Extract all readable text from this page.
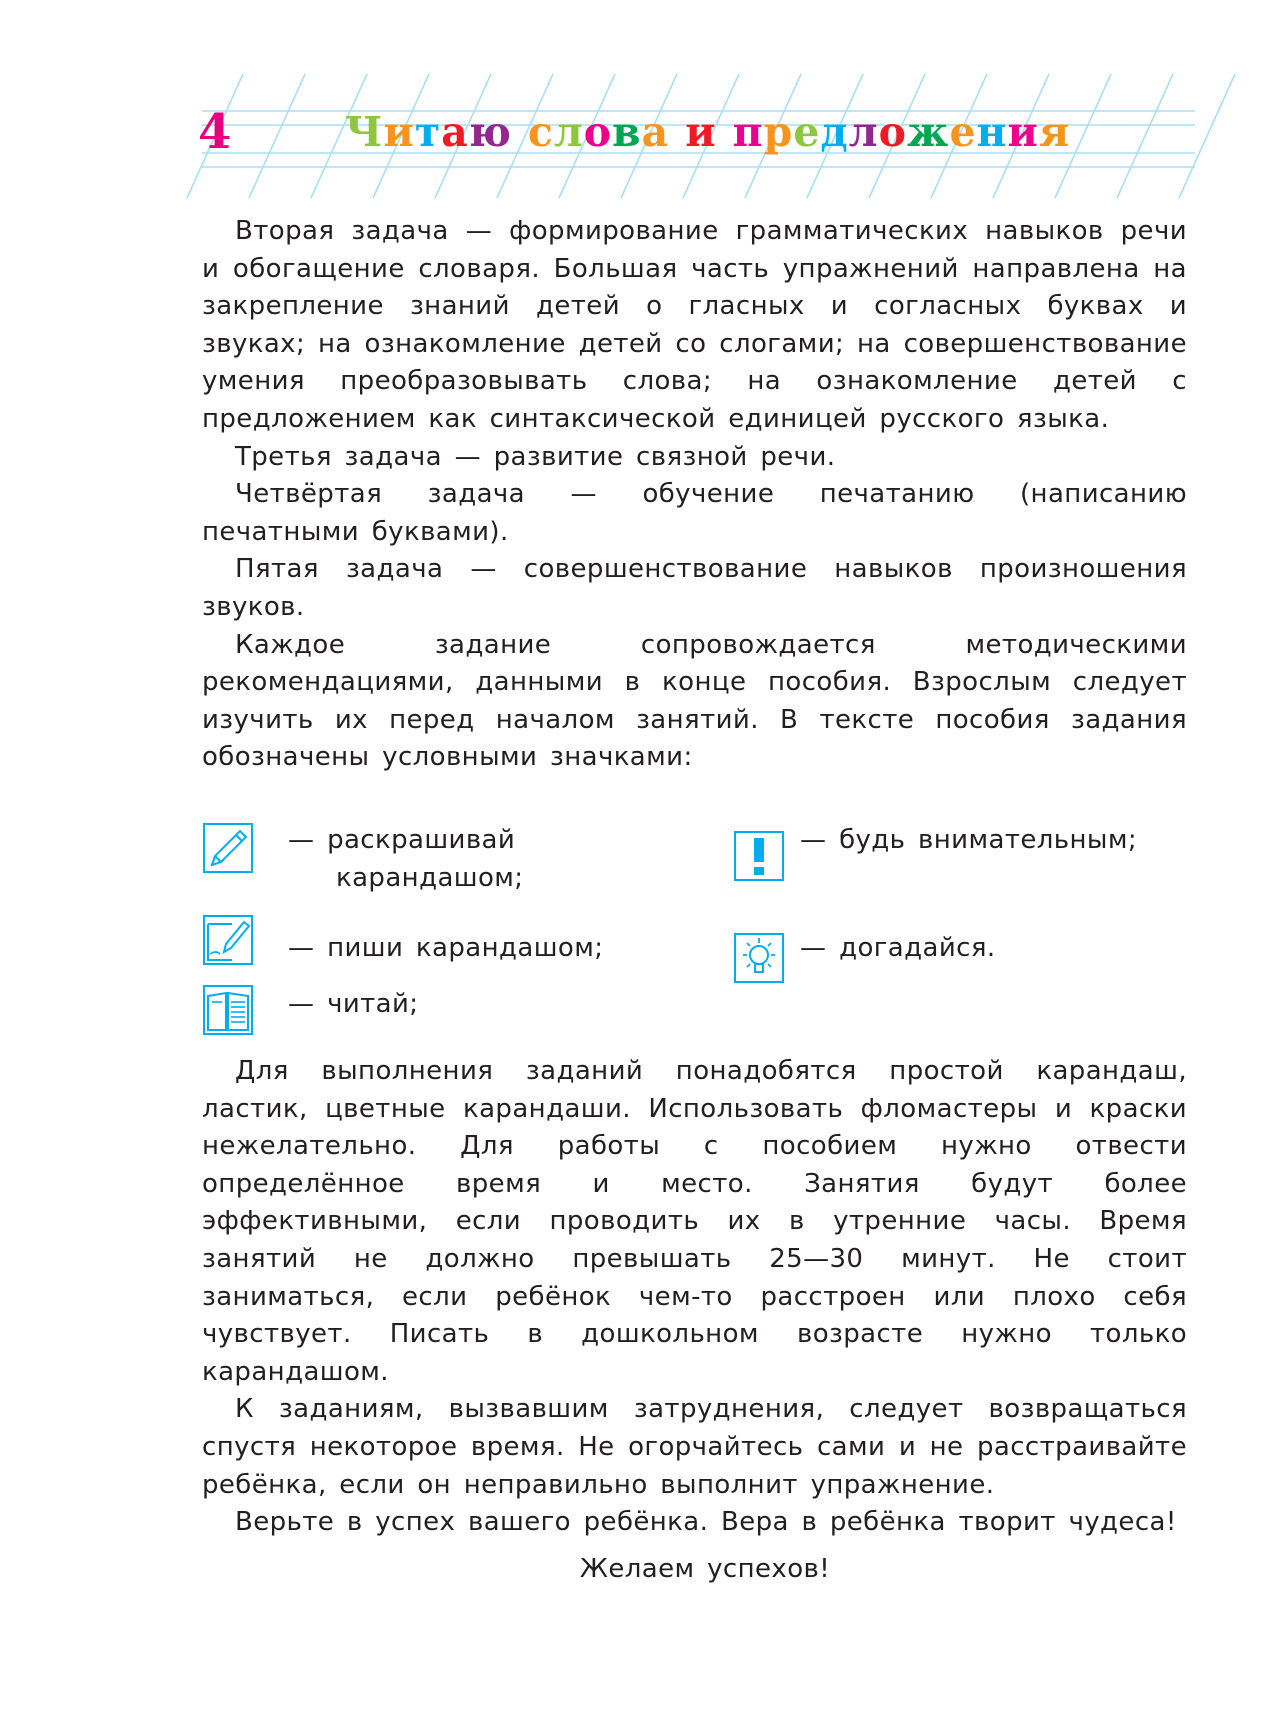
4	Читаю слова и предложения

Вторая задача — формирование грамматических навыков речи и обогащение словаря. Большая часть упражнений направлена на закрепление знаний детей о гласных и согласных буквах и звуках; на ознакомление детей со слогами; на совершенствование умения преобразовывать слова; на ознакомление детей с предложением как синтаксической единицей русского языка.

Третья задача — развитие связной речи.

Четвёртая задача — обучение печатанию (написанию печатными буквами).

Пятая задача — совершенствование навыков произношения звуков.

Каждое задание сопровождается методическими рекомендациями, данными в конце пособия. Взрослым следует изучить их перед началом занятий. В тексте пособия задания обозначены условными значками:

— раскрашивай
карандашом;
— пиши карандашом;
— читай;
— будь внимательным;
— догадайся.

Для выполнения заданий понадобятся простой карандаш, ластик, цветные карандаши. Использовать фломастеры и краски нежелательно. Для работы с пособием нужно отвести определённое время и место. Занятия будут более эффективными, если проводить их в утренние часы. Время занятий не должно превышать 25—30 минут. Не стоит заниматься, если ребёнок чем-то расстроен или плохо себя чувствует. Писать в дошкольном возрасте нужно только карандашом.

К заданиям, вызвавшим затруднения, следует возвращаться спустя некоторое время. Не огорчайтесь сами и не расстраивайте ребёнка, если он неправильно выполнит упражнение.

Верьте в успех вашего ребёнка. Вера в ребёнка творит чудеса!

Желаем успехов!
